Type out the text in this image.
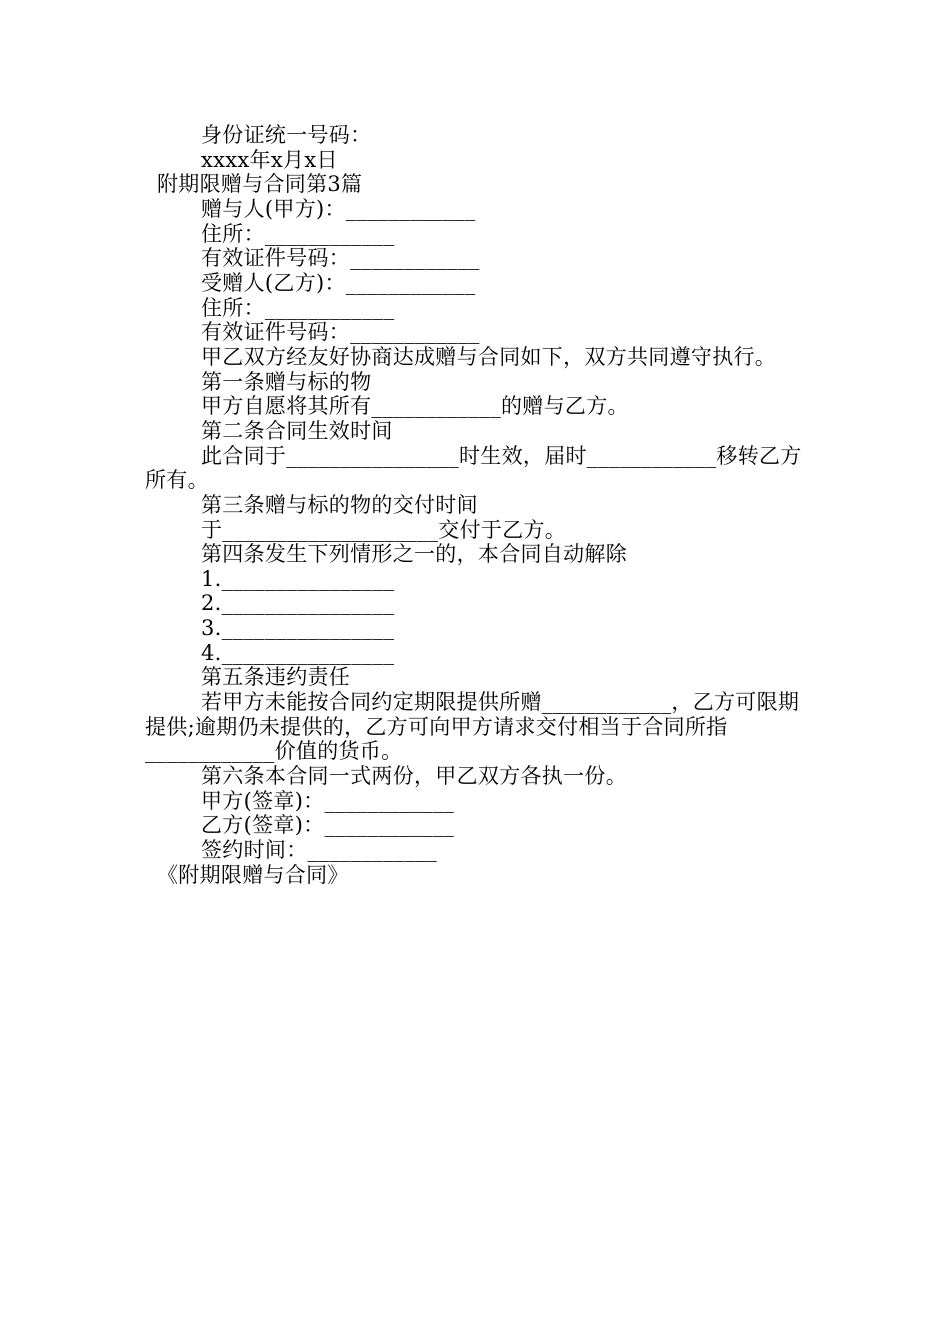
身份证统一号码：
xxxx年x月x日
附期限赠与合同第3篇
赠与人(甲方)：____________
住所：____________
有效证件号码：____________
受赠人(乙方)：____________
住所：____________
有效证件号码：____________
甲乙双方经友好协商达成赠与合同如下，双方共同遵守执行。
第一条赠与标的物
甲方自愿将其所有____________的赠与乙方。
第二条合同生效时间
此合同于________________时生效，届时____________移转乙方所有。
第三条赠与标的物的交付时间
于____________________交付于乙方。
第四条发生下列情形之一的，本合同自动解除
1.________________
2.________________
3.________________
4.________________
第五条违约责任
若甲方未能按合同约定期限提供所赠____________，乙方可限期提供;逾期仍未提供的，乙方可向甲方请求交付相当于合同所指____________价值的货币。
第六条本合同一式两份，甲乙双方各执一份。
甲方(签章)：____________
乙方(签章)：____________
签约时间：____________
《附期限赠与合同》
